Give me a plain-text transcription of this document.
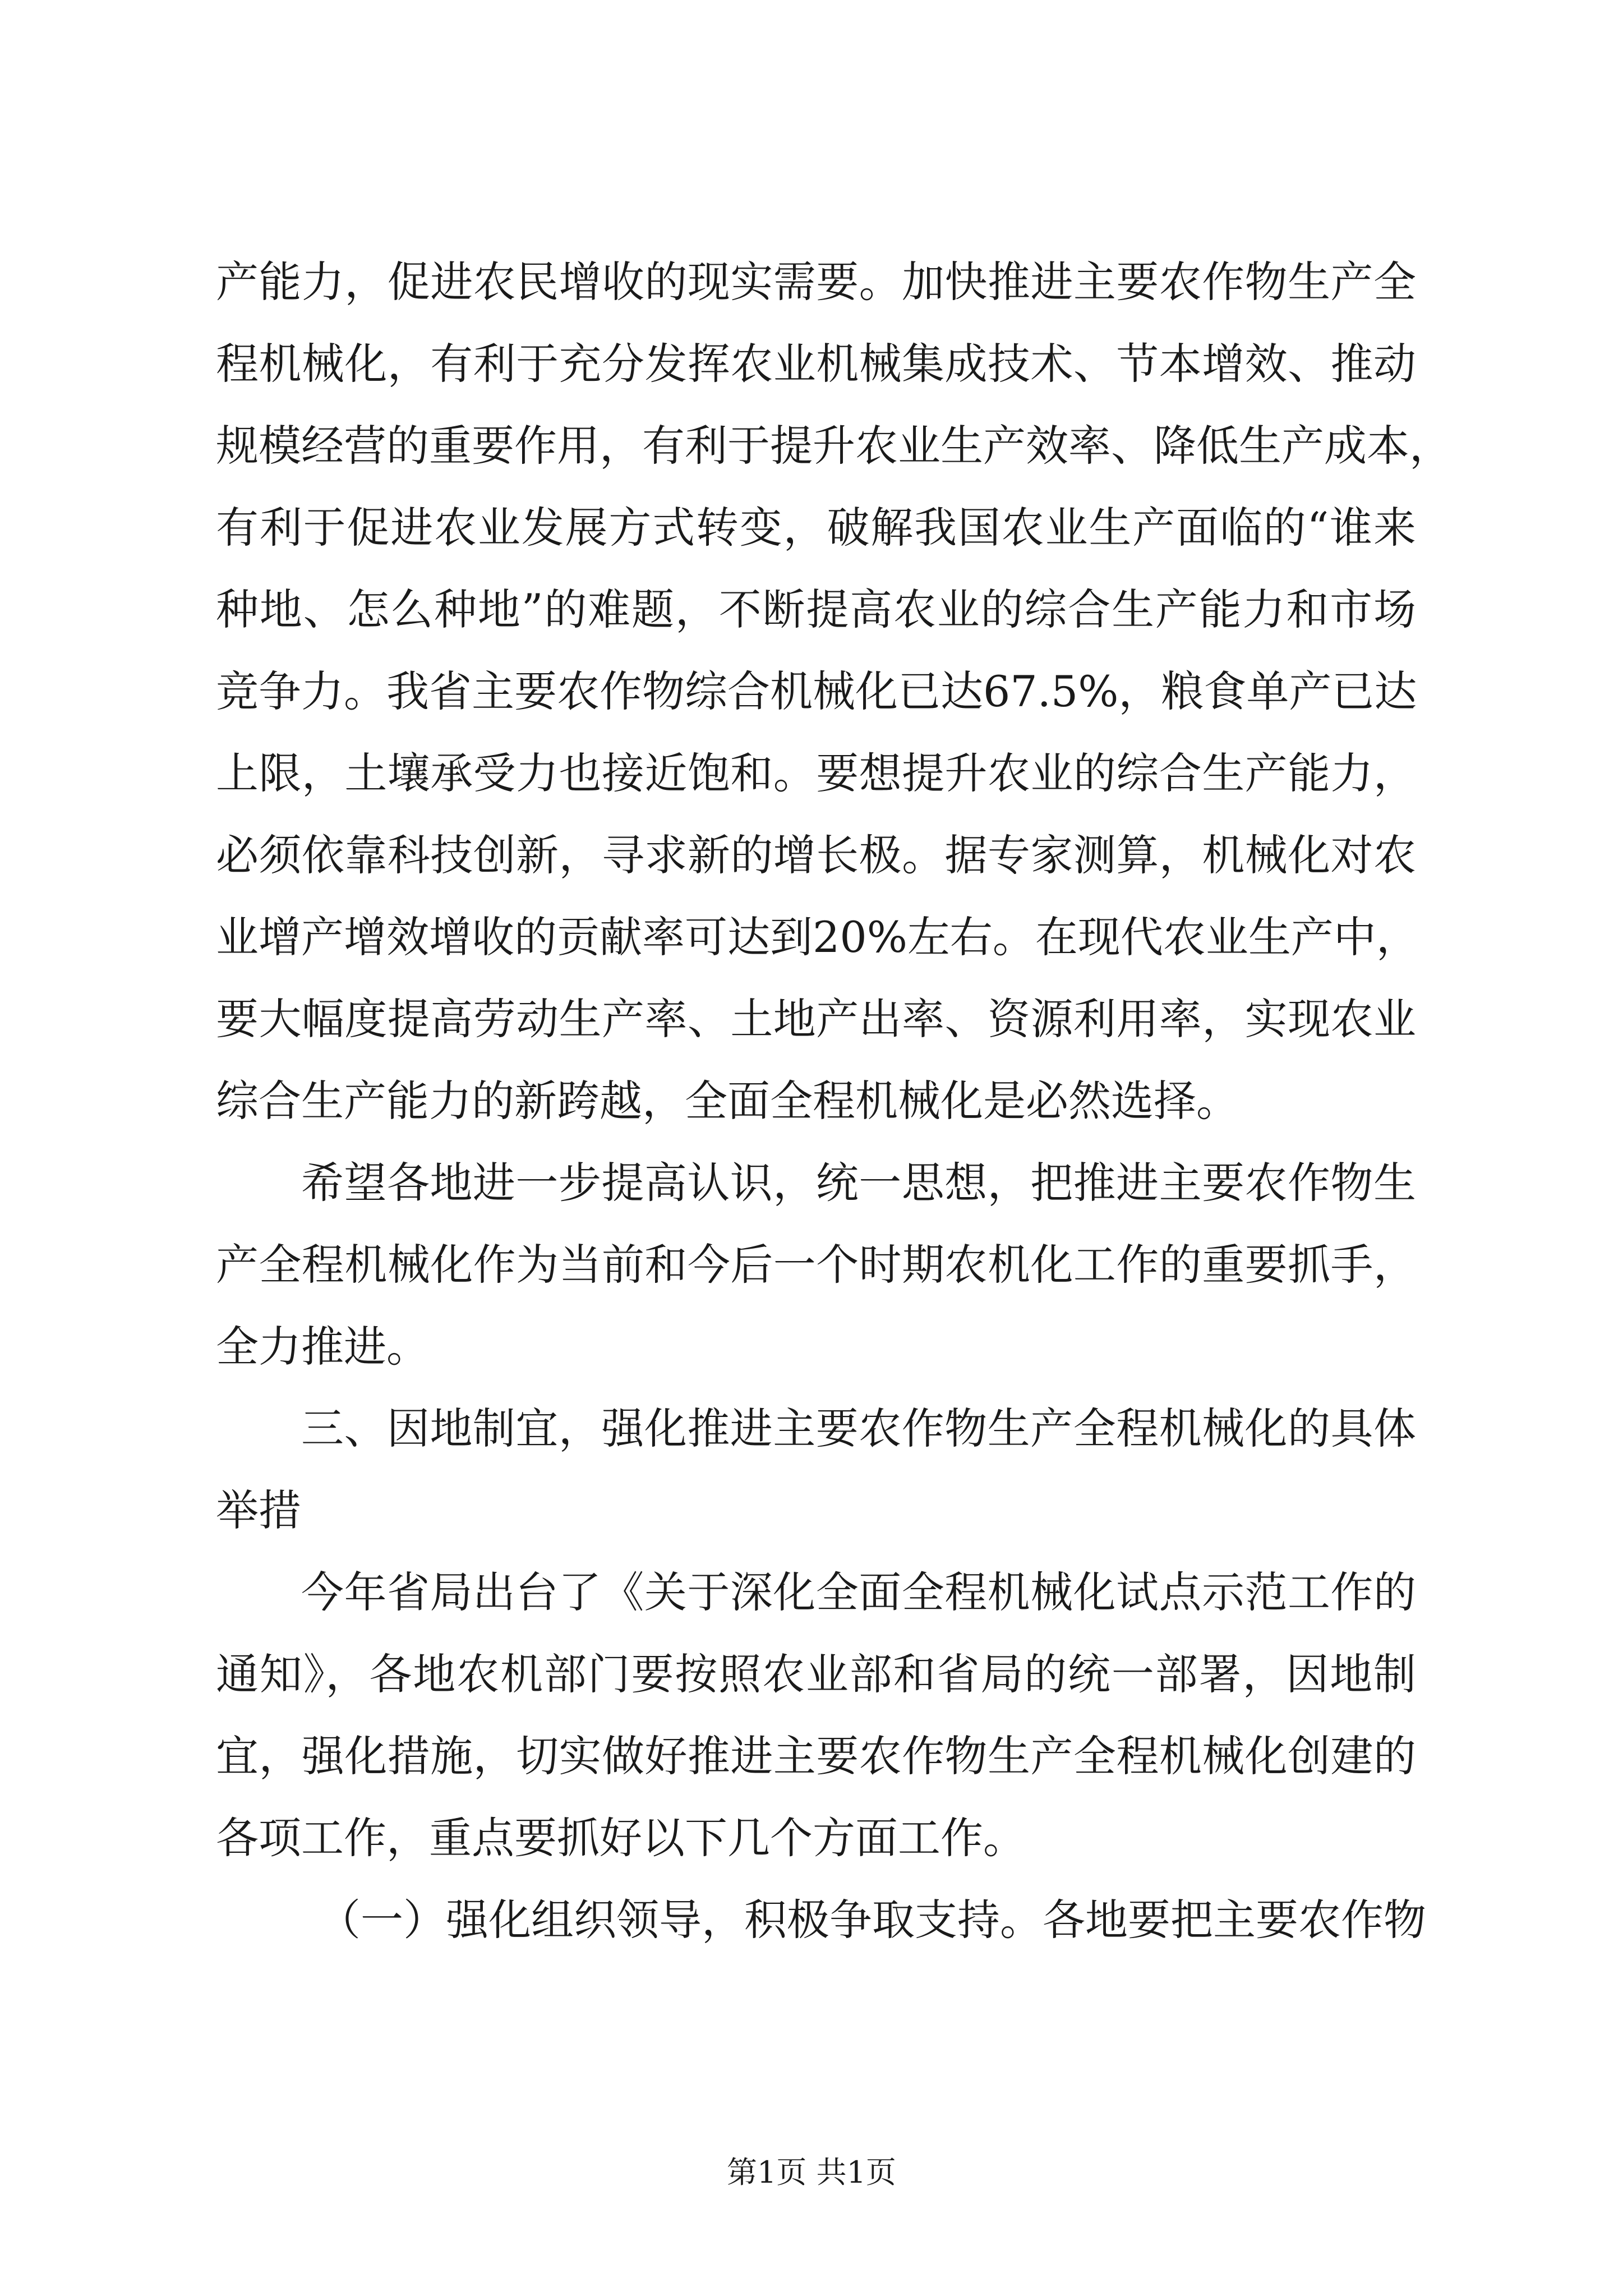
产能力，促进农民增收的现实需要。加快推进主要农作物生产全
程机械化，有利于充分发挥农业机械集成技术、节本增效、推动
规模经营的重要作用，有利于提升农业生产效率、降低生产成本，
有利于促进农业发展方式转变，破解我国农业生产面临的“谁来
种地、怎么种地”的难题，不断提高农业的综合生产能力和市场
竞争力。我省主要农作物综合机械化已达67.5%，粮食单产已达
上限，土壤承受力也接近饱和。要想提升农业的综合生产能力，
必须依靠科技创新，寻求新的增长极。据专家测算，机械化对农
业增产增效增收的贡献率可达到20%左右。在现代农业生产中，
要大幅度提高劳动生产率、土地产出率、资源利用率，实现农业
综合生产能力的新跨越，全面全程机械化是必然选择。
希望各地进一步提高认识，统一思想，把推进主要农作物生
产全程机械化作为当前和今后一个时期农机化工作的重要抓手，
全力推进。
三、因地制宜，强化推进主要农作物生产全程机械化的具体
举措
今年省局出台了《关于深化全面全程机械化试点示范工作的
通知》，各地农机部门要按照农业部和省局的统一部署，因地制
宜，强化措施，切实做好推进主要农作物生产全程机械化创建的
各项工作，重点要抓好以下几个方面工作。
（一）强化组织领导，积极争取支持。各地要把主要农作物
第1页 共1页
